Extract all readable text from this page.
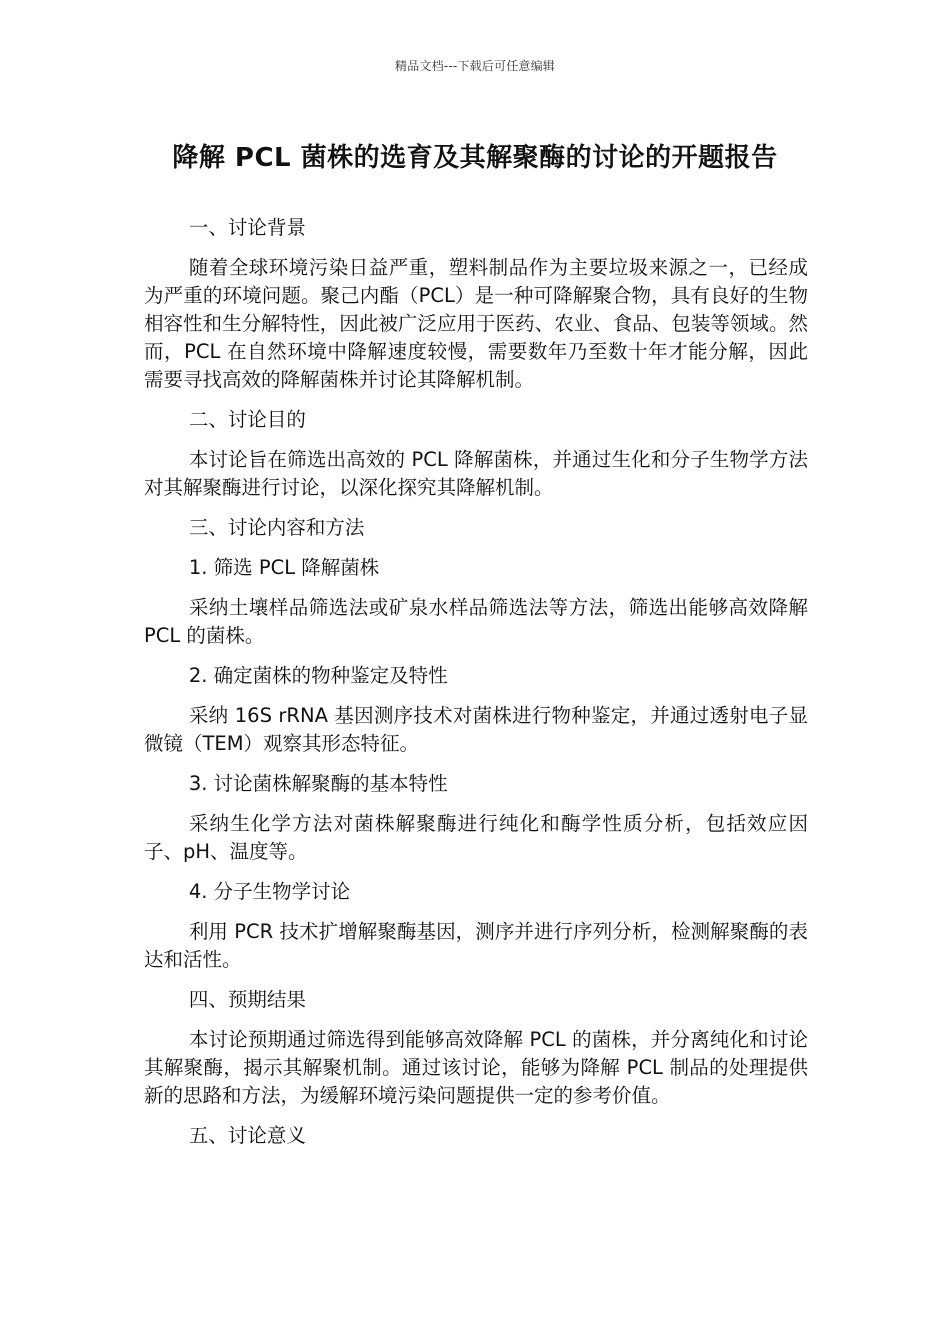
精品文档---下载后可任意编辑
降解 PCL 菌株的选育及其解聚酶的讨论的开题报告

一、讨论背景

随着全球环境污染日益严重，塑料制品作为主要垃圾来源之一，已经成为严重的环境问题。聚己内酯（PCL）是一种可降解聚合物，具有良好的生物相容性和生分解特性，因此被广泛应用于医药、农业、食品、包装等领域。然而，PCL 在自然环境中降解速度较慢，需要数年乃至数十年才能分解，因此需要寻找高效的降解菌株并讨论其降解机制。

二、讨论目的

本讨论旨在筛选出高效的 PCL 降解菌株，并通过生化和分子生物学方法对其解聚酶进行讨论，以深化探究其降解机制。

三、讨论内容和方法

1. 筛选 PCL 降解菌株

采纳土壤样品筛选法或矿泉水样品筛选法等方法，筛选出能够高效降解 PCL 的菌株。

2. 确定菌株的物种鉴定及特性

采纳 16S rRNA 基因测序技术对菌株进行物种鉴定，并通过透射电子显微镜（TEM）观察其形态特征。

3. 讨论菌株解聚酶的基本特性

采纳生化学方法对菌株解聚酶进行纯化和酶学性质分析，包括效应因子、pH、温度等。

4. 分子生物学讨论

利用 PCR 技术扩增解聚酶基因，测序并进行序列分析，检测解聚酶的表达和活性。

四、预期结果

本讨论预期通过筛选得到能够高效降解 PCL 的菌株，并分离纯化和讨论其解聚酶，揭示其解聚机制。通过该讨论，能够为降解 PCL 制品的处理提供新的思路和方法，为缓解环境污染问题提供一定的参考价值。

五、讨论意义
